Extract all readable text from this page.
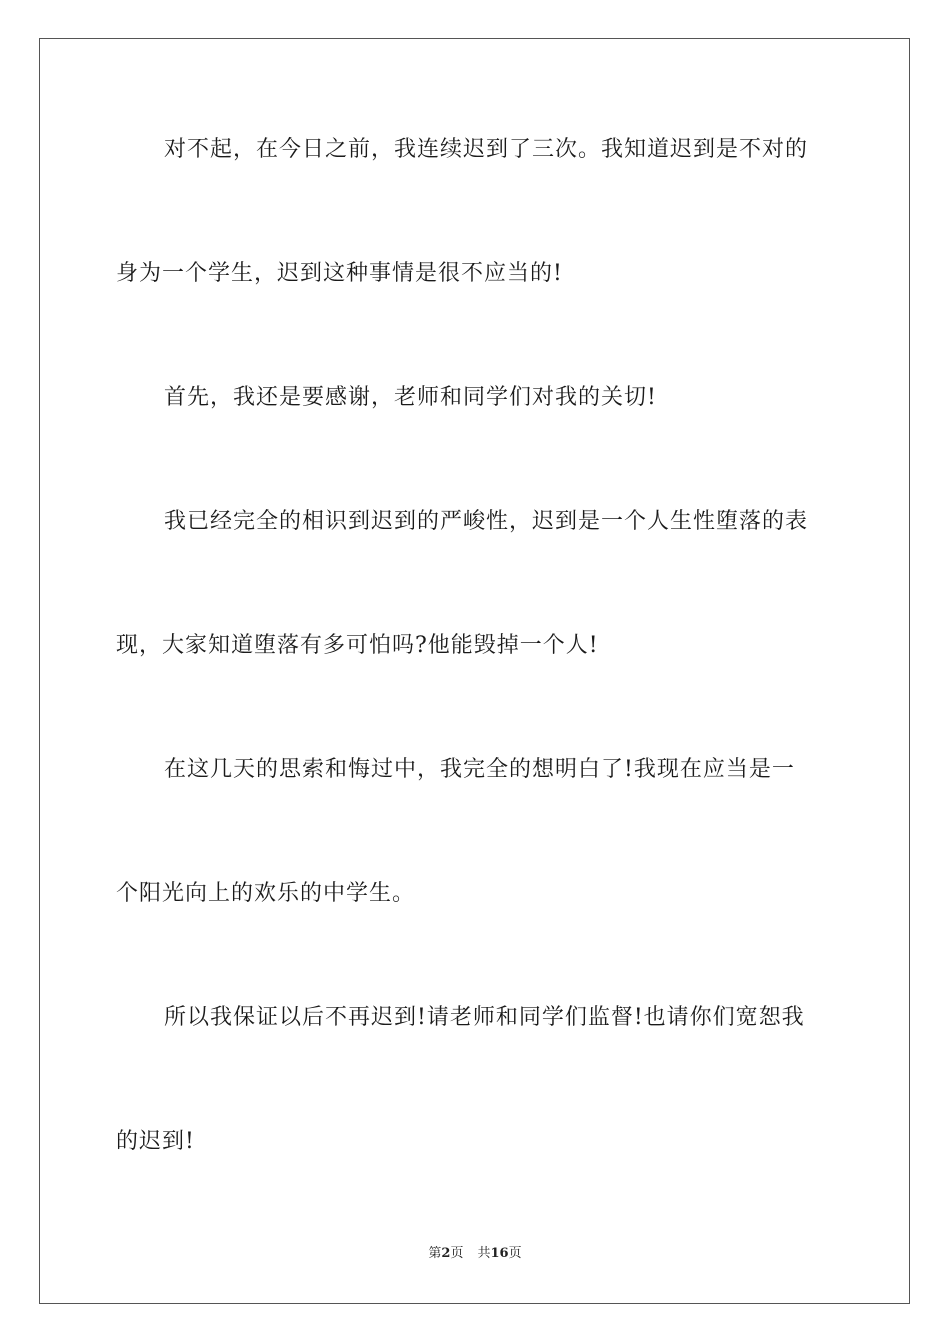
对不起，在今日之前，我连续迟到了三次。我知道迟到是不对的
身为一个学生，迟到这种事情是很不应当的!
首先，我还是要感谢，老师和同学们对我的关切!
我已经完全的相识到迟到的严峻性，迟到是一个人生性堕落的表
现，大家知道堕落有多可怕吗?他能毁掉一个人!
在这几天的思索和悔过中，我完全的想明白了!我现在应当是一
个阳光向上的欢乐的中学生。
所以我保证以后不再迟到!请老师和同学们监督!也请你们宽恕我
的迟到!
第2页 共16页
